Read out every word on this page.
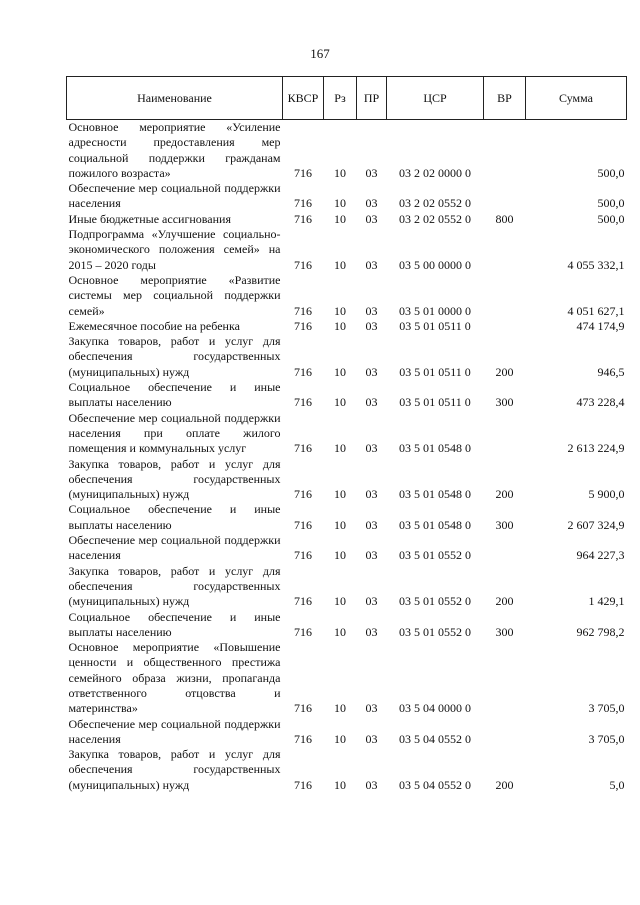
167
Наименование	КВСР	Рз	ПР	ЦСР	ВР	Сумма
Основное мероприятие «Усиление адресности предоставления мер социальной поддержки гражданам пожилого возраста»	716	10	03	03 2 02 0000 0		500,0
Обеспечение мер социальной поддержки населения	716	10	03	03 2 02 0552 0		500,0
Иные бюджетные ассигнования	716	10	03	03 2 02 0552 0	800	500,0
Подпрограмма «Улучшение социально-экономического положения семей» на 2015 – 2020 годы	716	10	03	03 5 00 0000 0		4 055 332,1
Основное мероприятие «Развитие системы мер социальной поддержки семей»	716	10	03	03 5 01 0000 0		4 051 627,1
Ежемесячное пособие на ребенка	716	10	03	03 5 01 0511 0		474 174,9
Закупка товаров, работ и услуг для обеспечения государственных (муниципальных) нужд	716	10	03	03 5 01 0511 0	200	946,5
Социальное обеспечение и иные выплаты населению	716	10	03	03 5 01 0511 0	300	473 228,4
Обеспечение мер социальной поддержки населения при оплате жилого помещения и коммунальных услуг	716	10	03	03 5 01 0548 0		2 613 224,9
Закупка товаров, работ и услуг для обеспечения государственных (муниципальных) нужд	716	10	03	03 5 01 0548 0	200	5 900,0
Социальное обеспечение и иные выплаты населению	716	10	03	03 5 01 0548 0	300	2 607 324,9
Обеспечение мер социальной поддержки населения	716	10	03	03 5 01 0552 0		964 227,3
Закупка товаров, работ и услуг для обеспечения государственных (муниципальных) нужд	716	10	03	03 5 01 0552 0	200	1 429,1
Социальное обеспечение и иные выплаты населению	716	10	03	03 5 01 0552 0	300	962 798,2
Основное мероприятие «Повышение ценности и общественного престижа семейного образа жизни, пропаганда ответственного отцовства и материнства»	716	10	03	03 5 04 0000 0		3 705,0
Обеспечение мер социальной поддержки населения	716	10	03	03 5 04 0552 0		3 705,0
Закупка товаров, работ и услуг для обеспечения государственных (муниципальных) нужд	716	10	03	03 5 04 0552 0	200	5,0
